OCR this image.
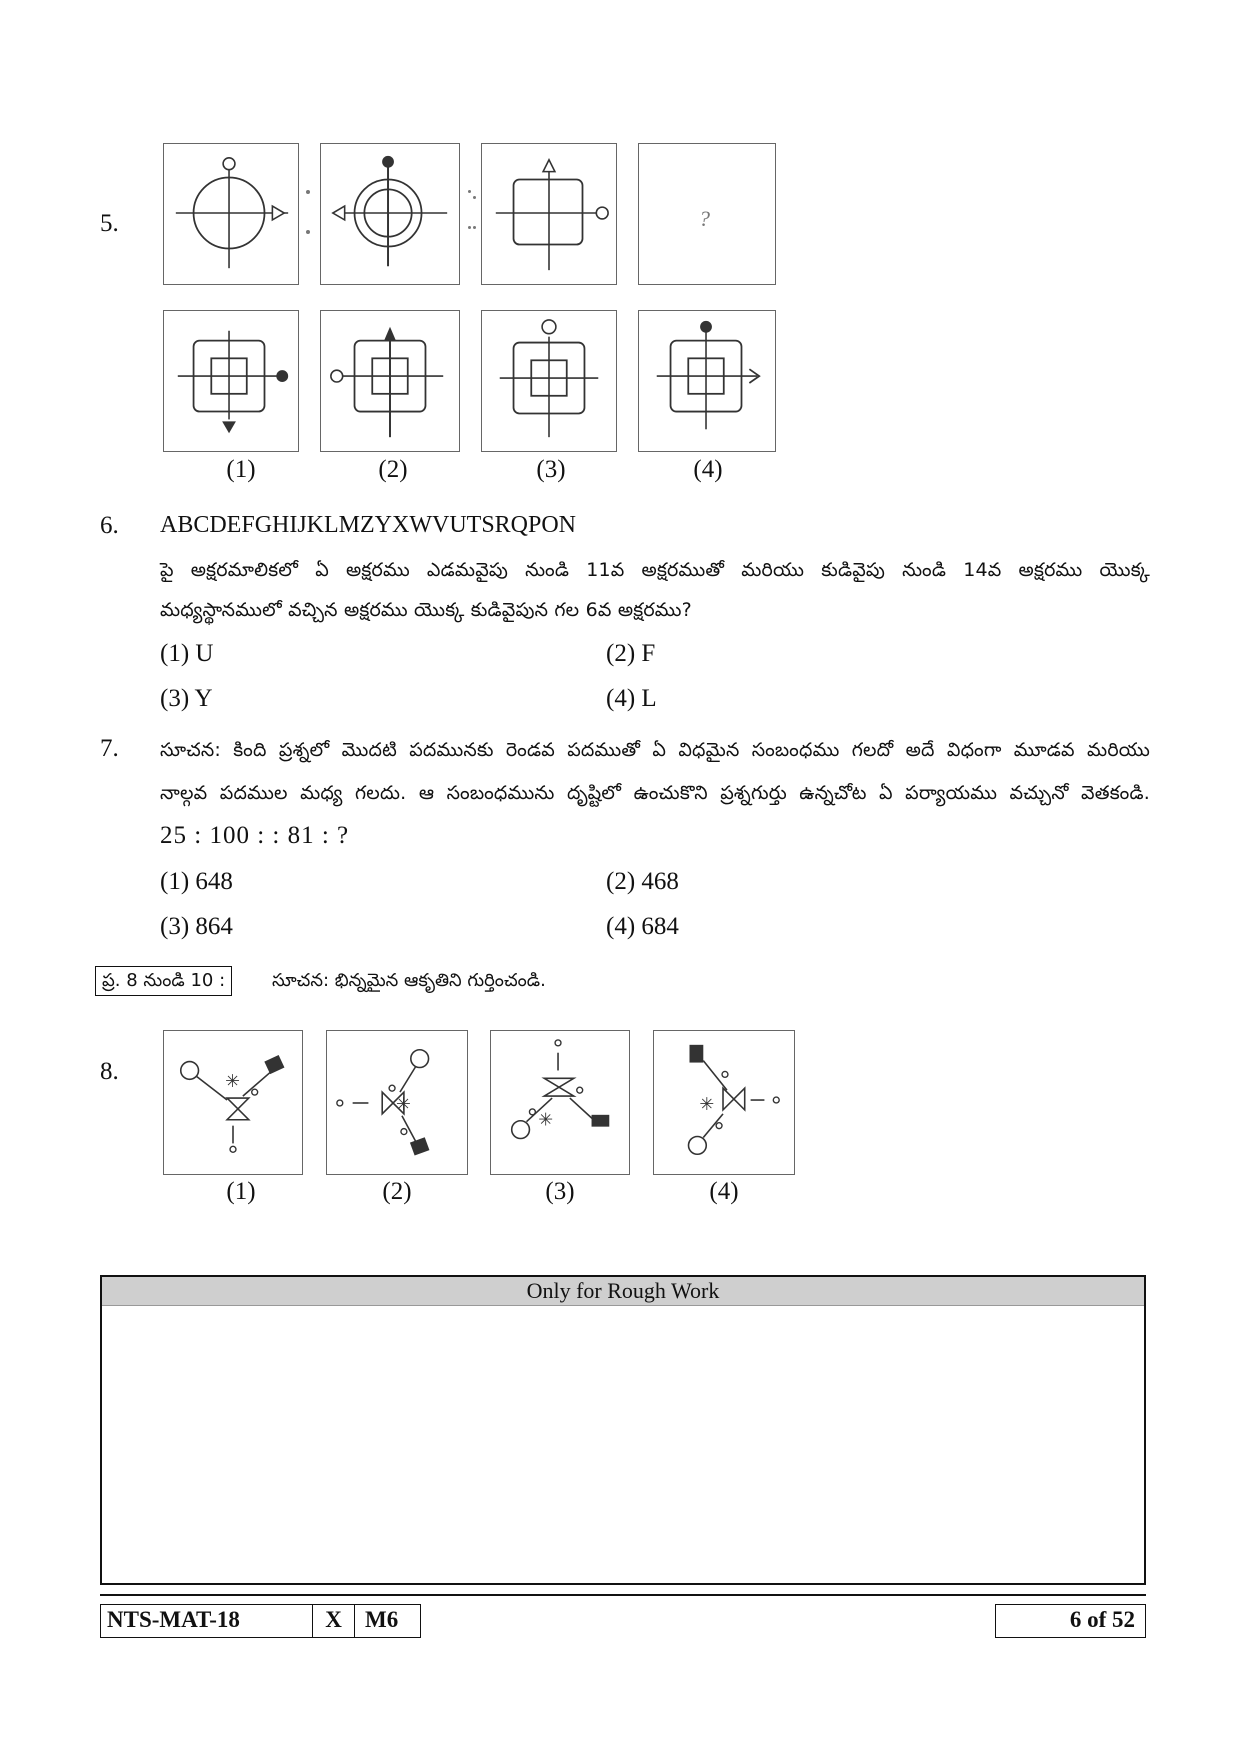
5.	?
(1)	(2)	(3)	(4)
6. ABCDEFGHIJKLMZYXWVUTSRQPON
పై అక్షరమాలికలో ఏ అక్షరము ఎడమవైపు నుండి 11వ అక్షరముతో మరియు కుడివైపు నుండి 14వ అక్షరము యొక్క
మధ్యస్థానములో వచ్చిన అక్షరము యొక్క కుడివైపున గల 6వ అక్షరము?
(1) U	(2) F
(3) Y	(4) L
7. సూచన: కింది ప్రశ్నలో మొదటి పదమునకు రెండవ పదముతో ఏ విధమైన సంబంధము గలదో అదే విధంగా మూడవ మరియు
నాల్గవ పదముల మధ్య గలదు. ఆ సంబంధమును దృష్టిలో ఉంచుకొని ప్రశ్నగుర్తు ఉన్నచోట ఏ పర్యాయము వచ్చునో వెతకండి.
25 : 100 : : 81 : ?
(1) 648	(2) 468
(3) 864	(4) 684
ప్ర. 8 నుండి 10 :	సూచన: భిన్నమైన ఆకృతిని గుర్తించండి.
8.	✳
✳
✳
✳
(1)	(2)	(3)	(4)
Only for Rough Work
NTS-MAT-18	X	M6	6 of 52
